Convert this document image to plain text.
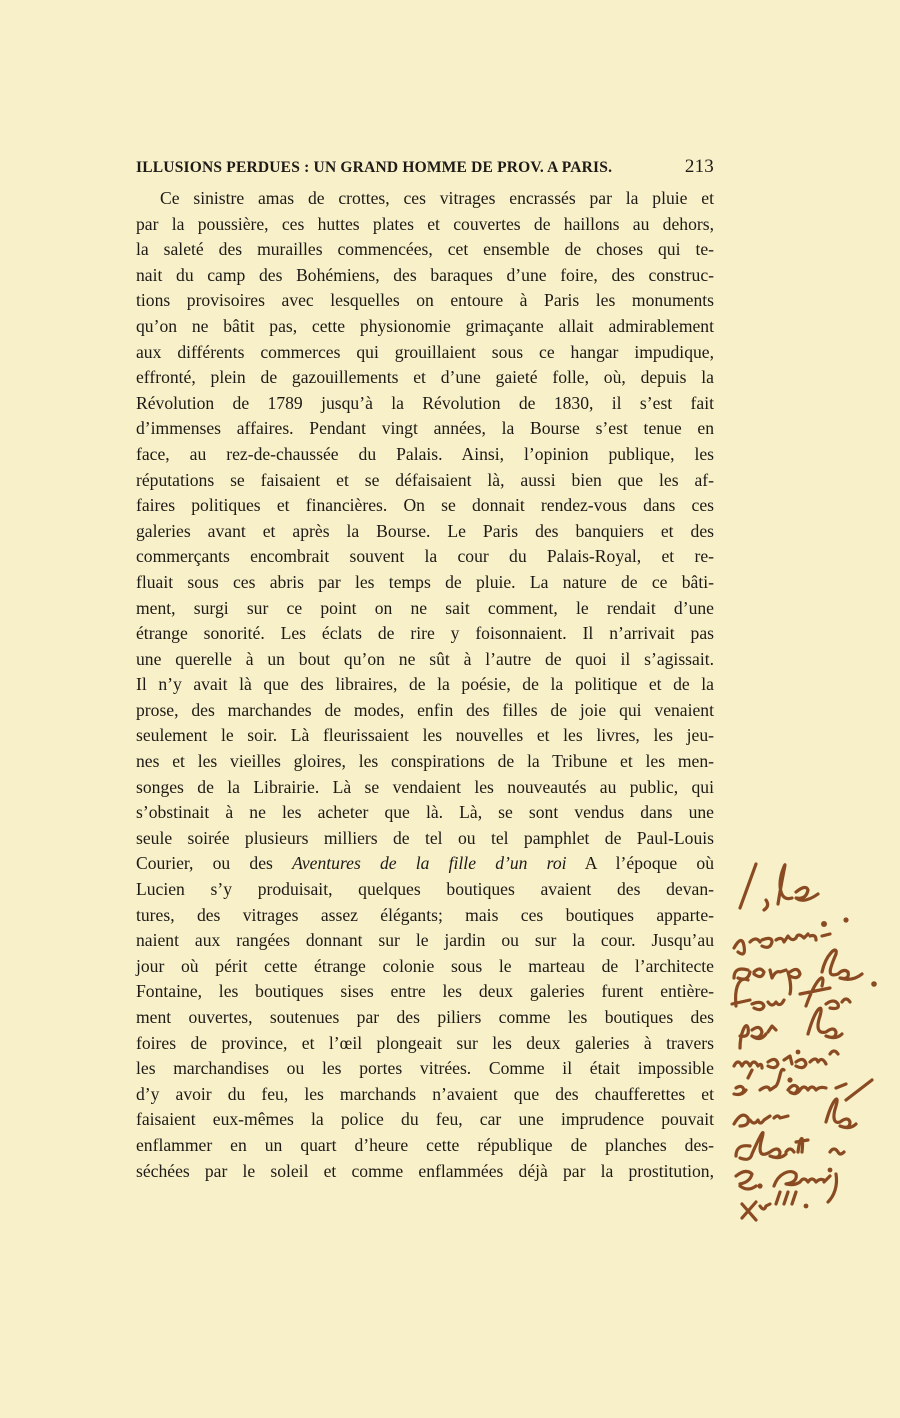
ILLUSIONS PERDUES : UN GRAND HOMME DE PROV. A PARIS.	213
Ce sinistre amas de crottes, ces vitrages encrassés par la pluie et
par la poussière, ces huttes plates et couvertes de haillons au dehors,
la saleté des murailles commencées, cet ensemble de choses qui te-
nait du camp des Bohémiens, des baraques d’une foire, des construc-
tions provisoires avec lesquelles on entoure à Paris les monuments
qu’on ne bâtit pas, cette physionomie grimaçante allait admirablement
aux différents commerces qui grouillaient sous ce hangar impudique,
effronté, plein de gazouillements et d’une gaieté folle, où, depuis la
Révolution de 1789 jusqu’à la Révolution de 1830, il s’est fait
d’immenses affaires. Pendant vingt années, la Bourse s’est tenue en
face, au rez-de-chaussée du Palais. Ainsi, l’opinion publique, les
réputations se faisaient et se défaisaient là, aussi bien que les af-
faires politiques et financières. On se donnait rendez-vous dans ces
galeries avant et après la Bourse. Le Paris des banquiers et des
commerçants encombrait souvent la cour du Palais-Royal, et re-
fluait sous ces abris par les temps de pluie. La nature de ce bâti-
ment, surgi sur ce point on ne sait comment, le rendait d’une
étrange sonorité. Les éclats de rire y foisonnaient. Il n’arrivait pas
une querelle à un bout qu’on ne sût à l’autre de quoi il s’agissait.
Il n’y avait là que des libraires, de la poésie, de la politique et de la
prose, des marchandes de modes, enfin des filles de joie qui venaient
seulement le soir. Là fleurissaient les nouvelles et les livres, les jeu-
nes et les vieilles gloires, les conspirations de la Tribune et les men-
songes de la Librairie. Là se vendaient les nouveautés au public, qui
s’obstinait à ne les acheter que là. Là, se sont vendus dans une
seule soirée plusieurs milliers de tel ou tel pamphlet de Paul-Louis
Courier, ou des Aventures de la fille d’un roi A l’époque où
Lucien s’y produisait, quelques boutiques avaient des devan-
tures, des vitrages assez élégants; mais ces boutiques apparte-
naient aux rangées donnant sur le jardin ou sur la cour. Jusqu’au
jour où périt cette étrange colonie sous le marteau de l’architecte
Fontaine, les boutiques sises entre les deux galeries furent entière-
ment ouvertes, soutenues par des piliers comme les boutiques des
foires de province, et l’œil plongeait sur les deux galeries à travers
les marchandises ou les portes vitrées. Comme il était impossible
d’y avoir du feu, les marchands n’avaient que des chaufferettes et
faisaient eux-mêmes la police du feu, car une imprudence pouvait
enflammer en un quart d’heure cette république de planches des-
séchées par le soleil et comme enflammées déjà par la prostitution,
